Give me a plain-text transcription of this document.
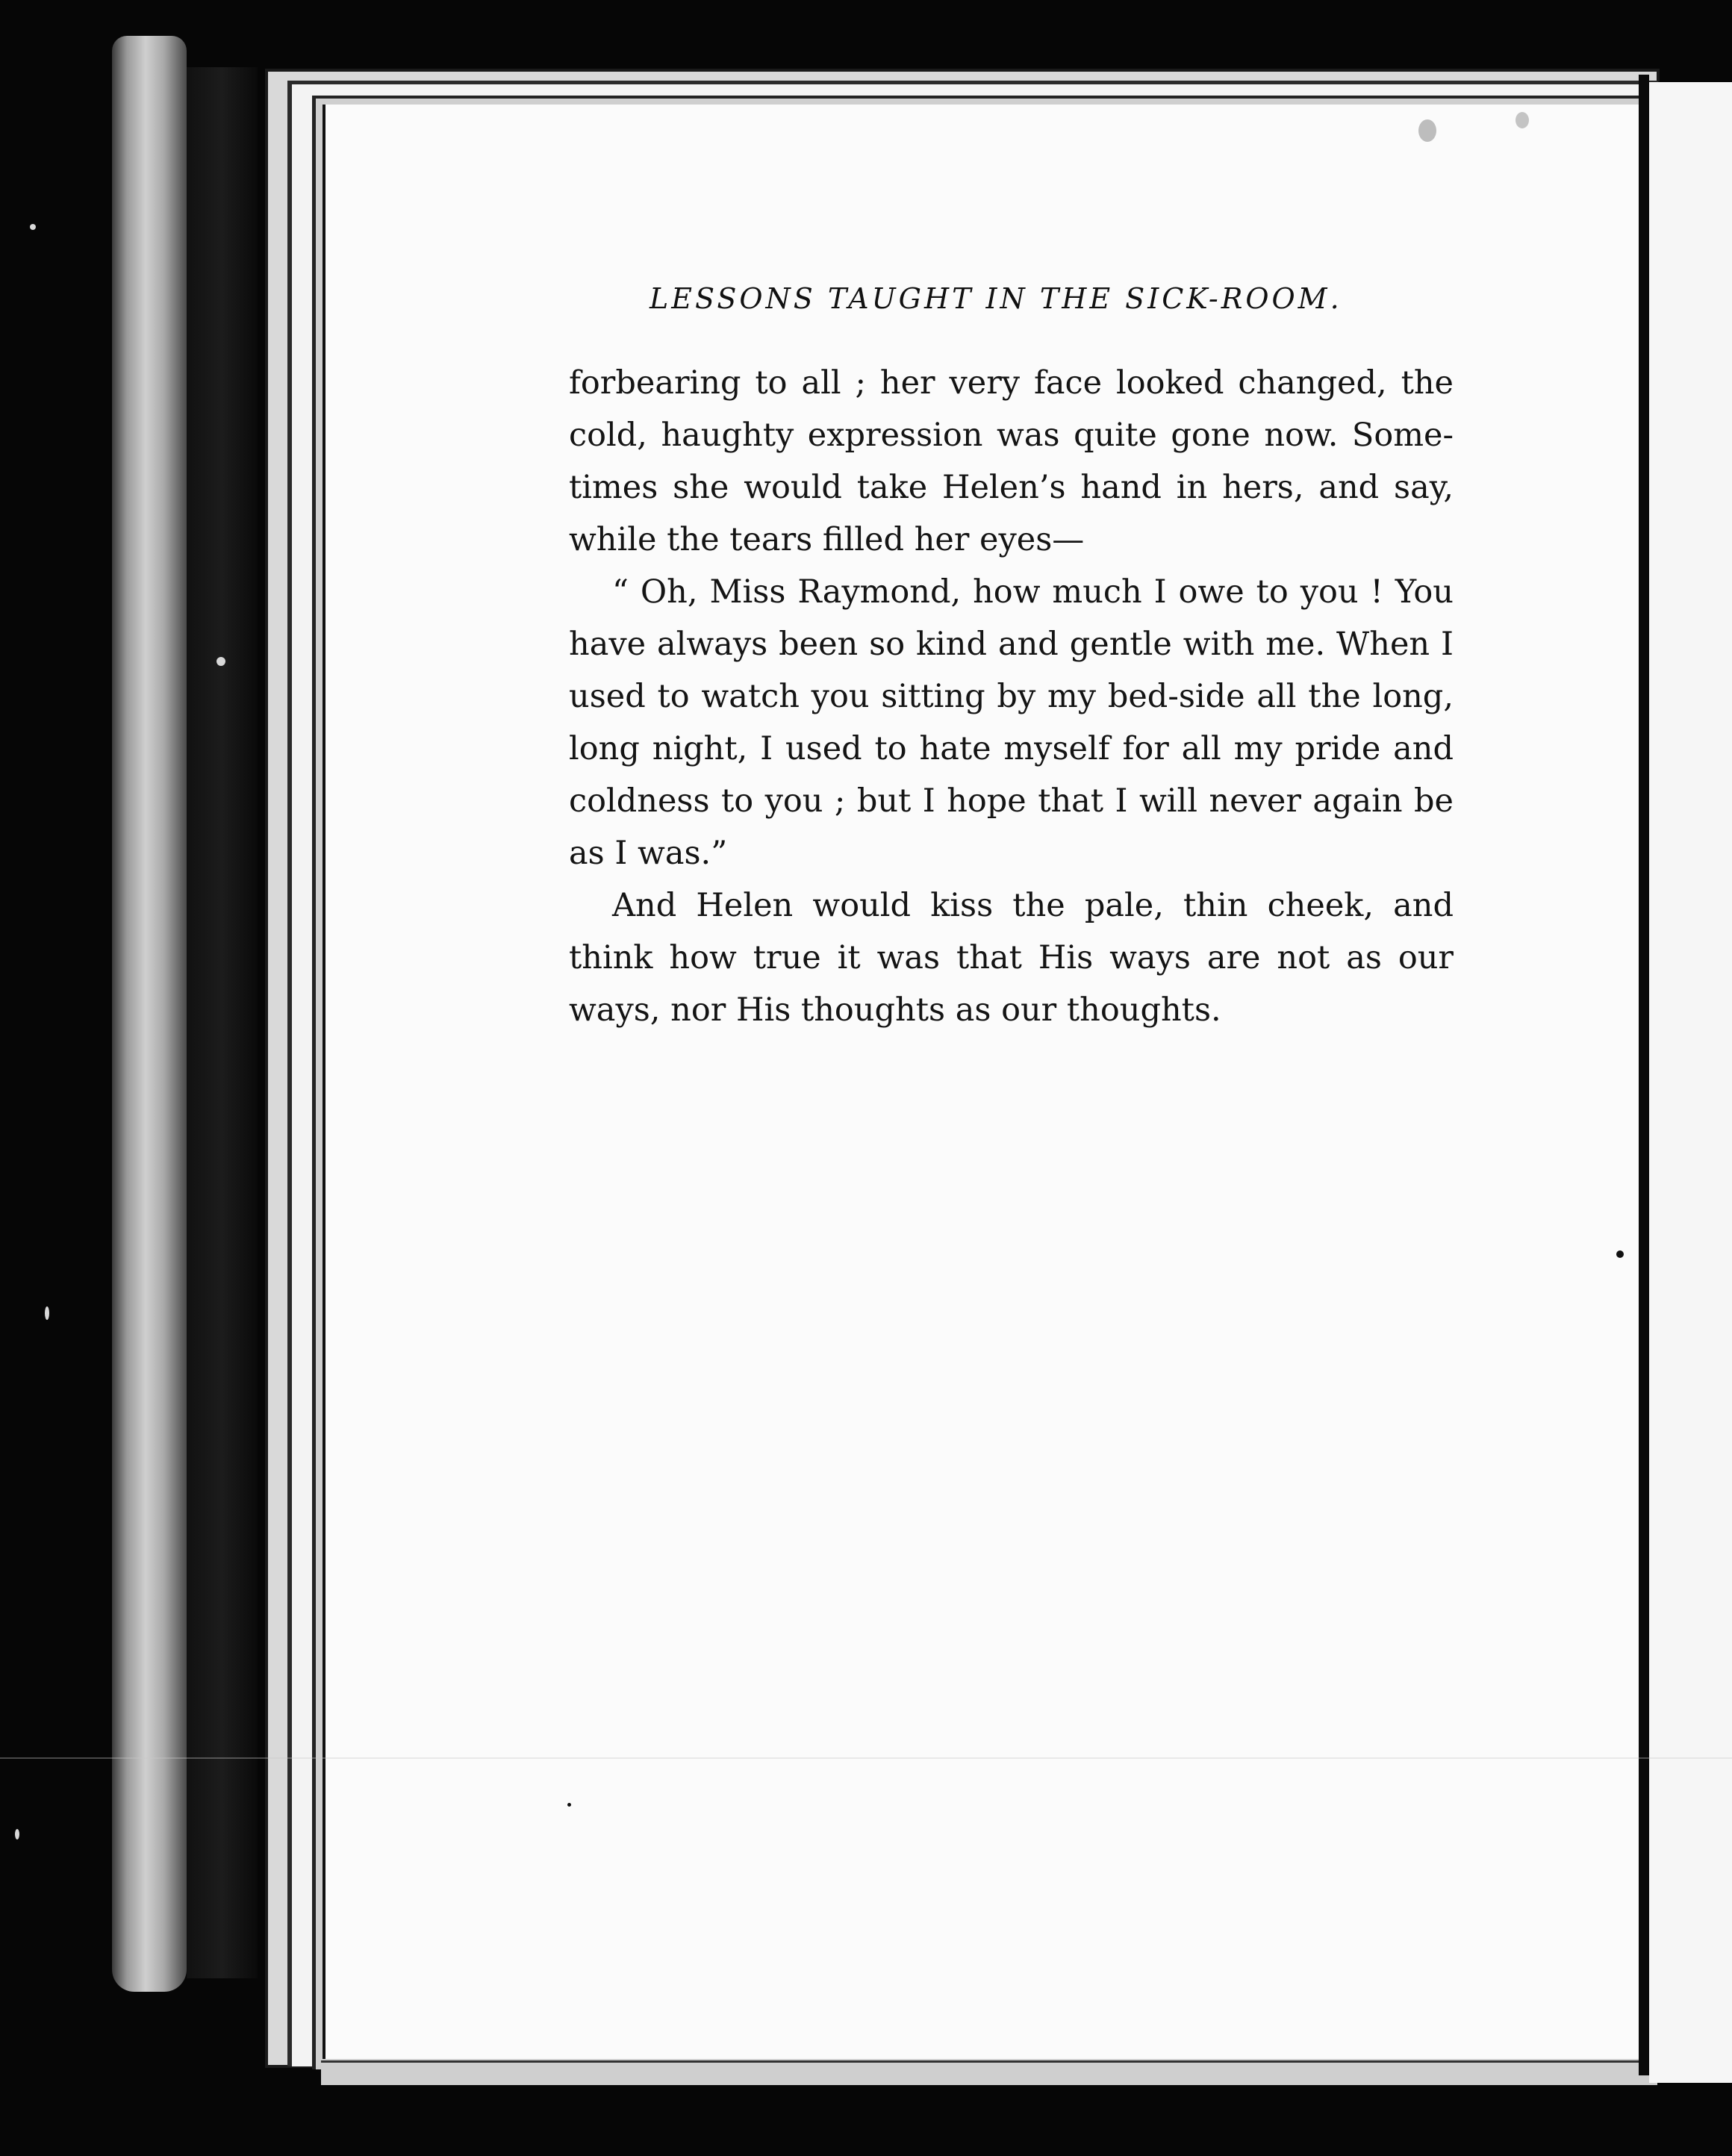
LESSONS TAUGHT IN THE SICK-ROOM.

forbearing to all ; her very face looked changed, the cold, haughty expression was quite gone now. Some-times she would take Helen’s hand in hers, and say, while the tears filled her eyes—

“ Oh, Miss Raymond, how much I owe to you ! You have always been so kind and gentle with me. When I used to watch you sitting by my bed-side all the long, long night, I used to hate myself for all my pride and coldness to you ; but I hope that I will never again be as I was.”

And Helen would kiss the pale, thin cheek, and think how true it was that His ways are not as our ways, nor His thoughts as our thoughts.
